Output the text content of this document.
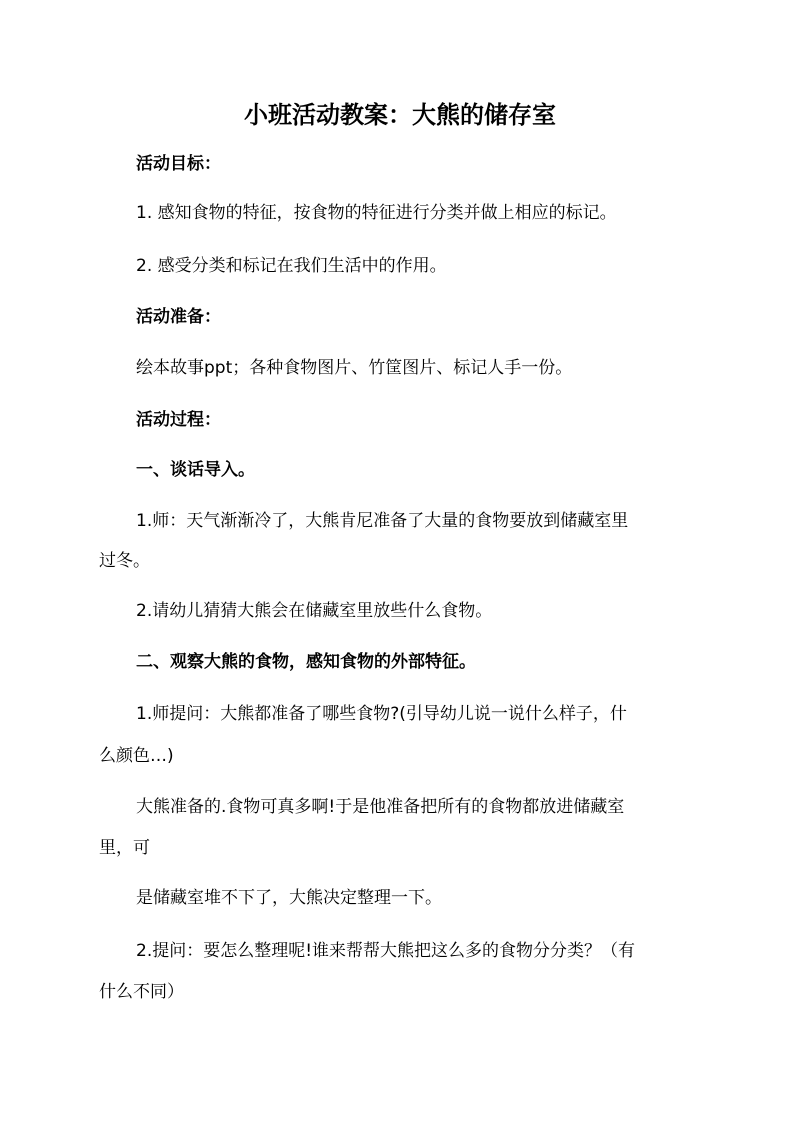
小班活动教案：大熊的储存室
活动目标：
1. 感知食物的特征，按食物的特征进行分类并做上相应的标记。
2. 感受分类和标记在我们生活中的作用。
活动准备：
绘本故事ppt；各种食物图片、竹筐图片、标记人手一份。
活动过程：
一、谈话导入。
1.师：天气渐渐冷了，大熊肯尼准备了大量的食物要放到储藏室里
过冬。
2.请幼儿猜猜大熊会在储藏室里放些什么食物。
二、观察大熊的食物，感知食物的外部特征。
1.师提问：大熊都准备了哪些食物?(引导幼儿说一说什么样子，什
么颜色…)
大熊准备的.食物可真多啊!于是他准备把所有的食物都放进储藏室
里，可
是储藏室堆不下了，大熊决定整理一下。
2.提问：要怎么整理呢!谁来帮帮大熊把这么多的食物分分类？（有
什么不同）
